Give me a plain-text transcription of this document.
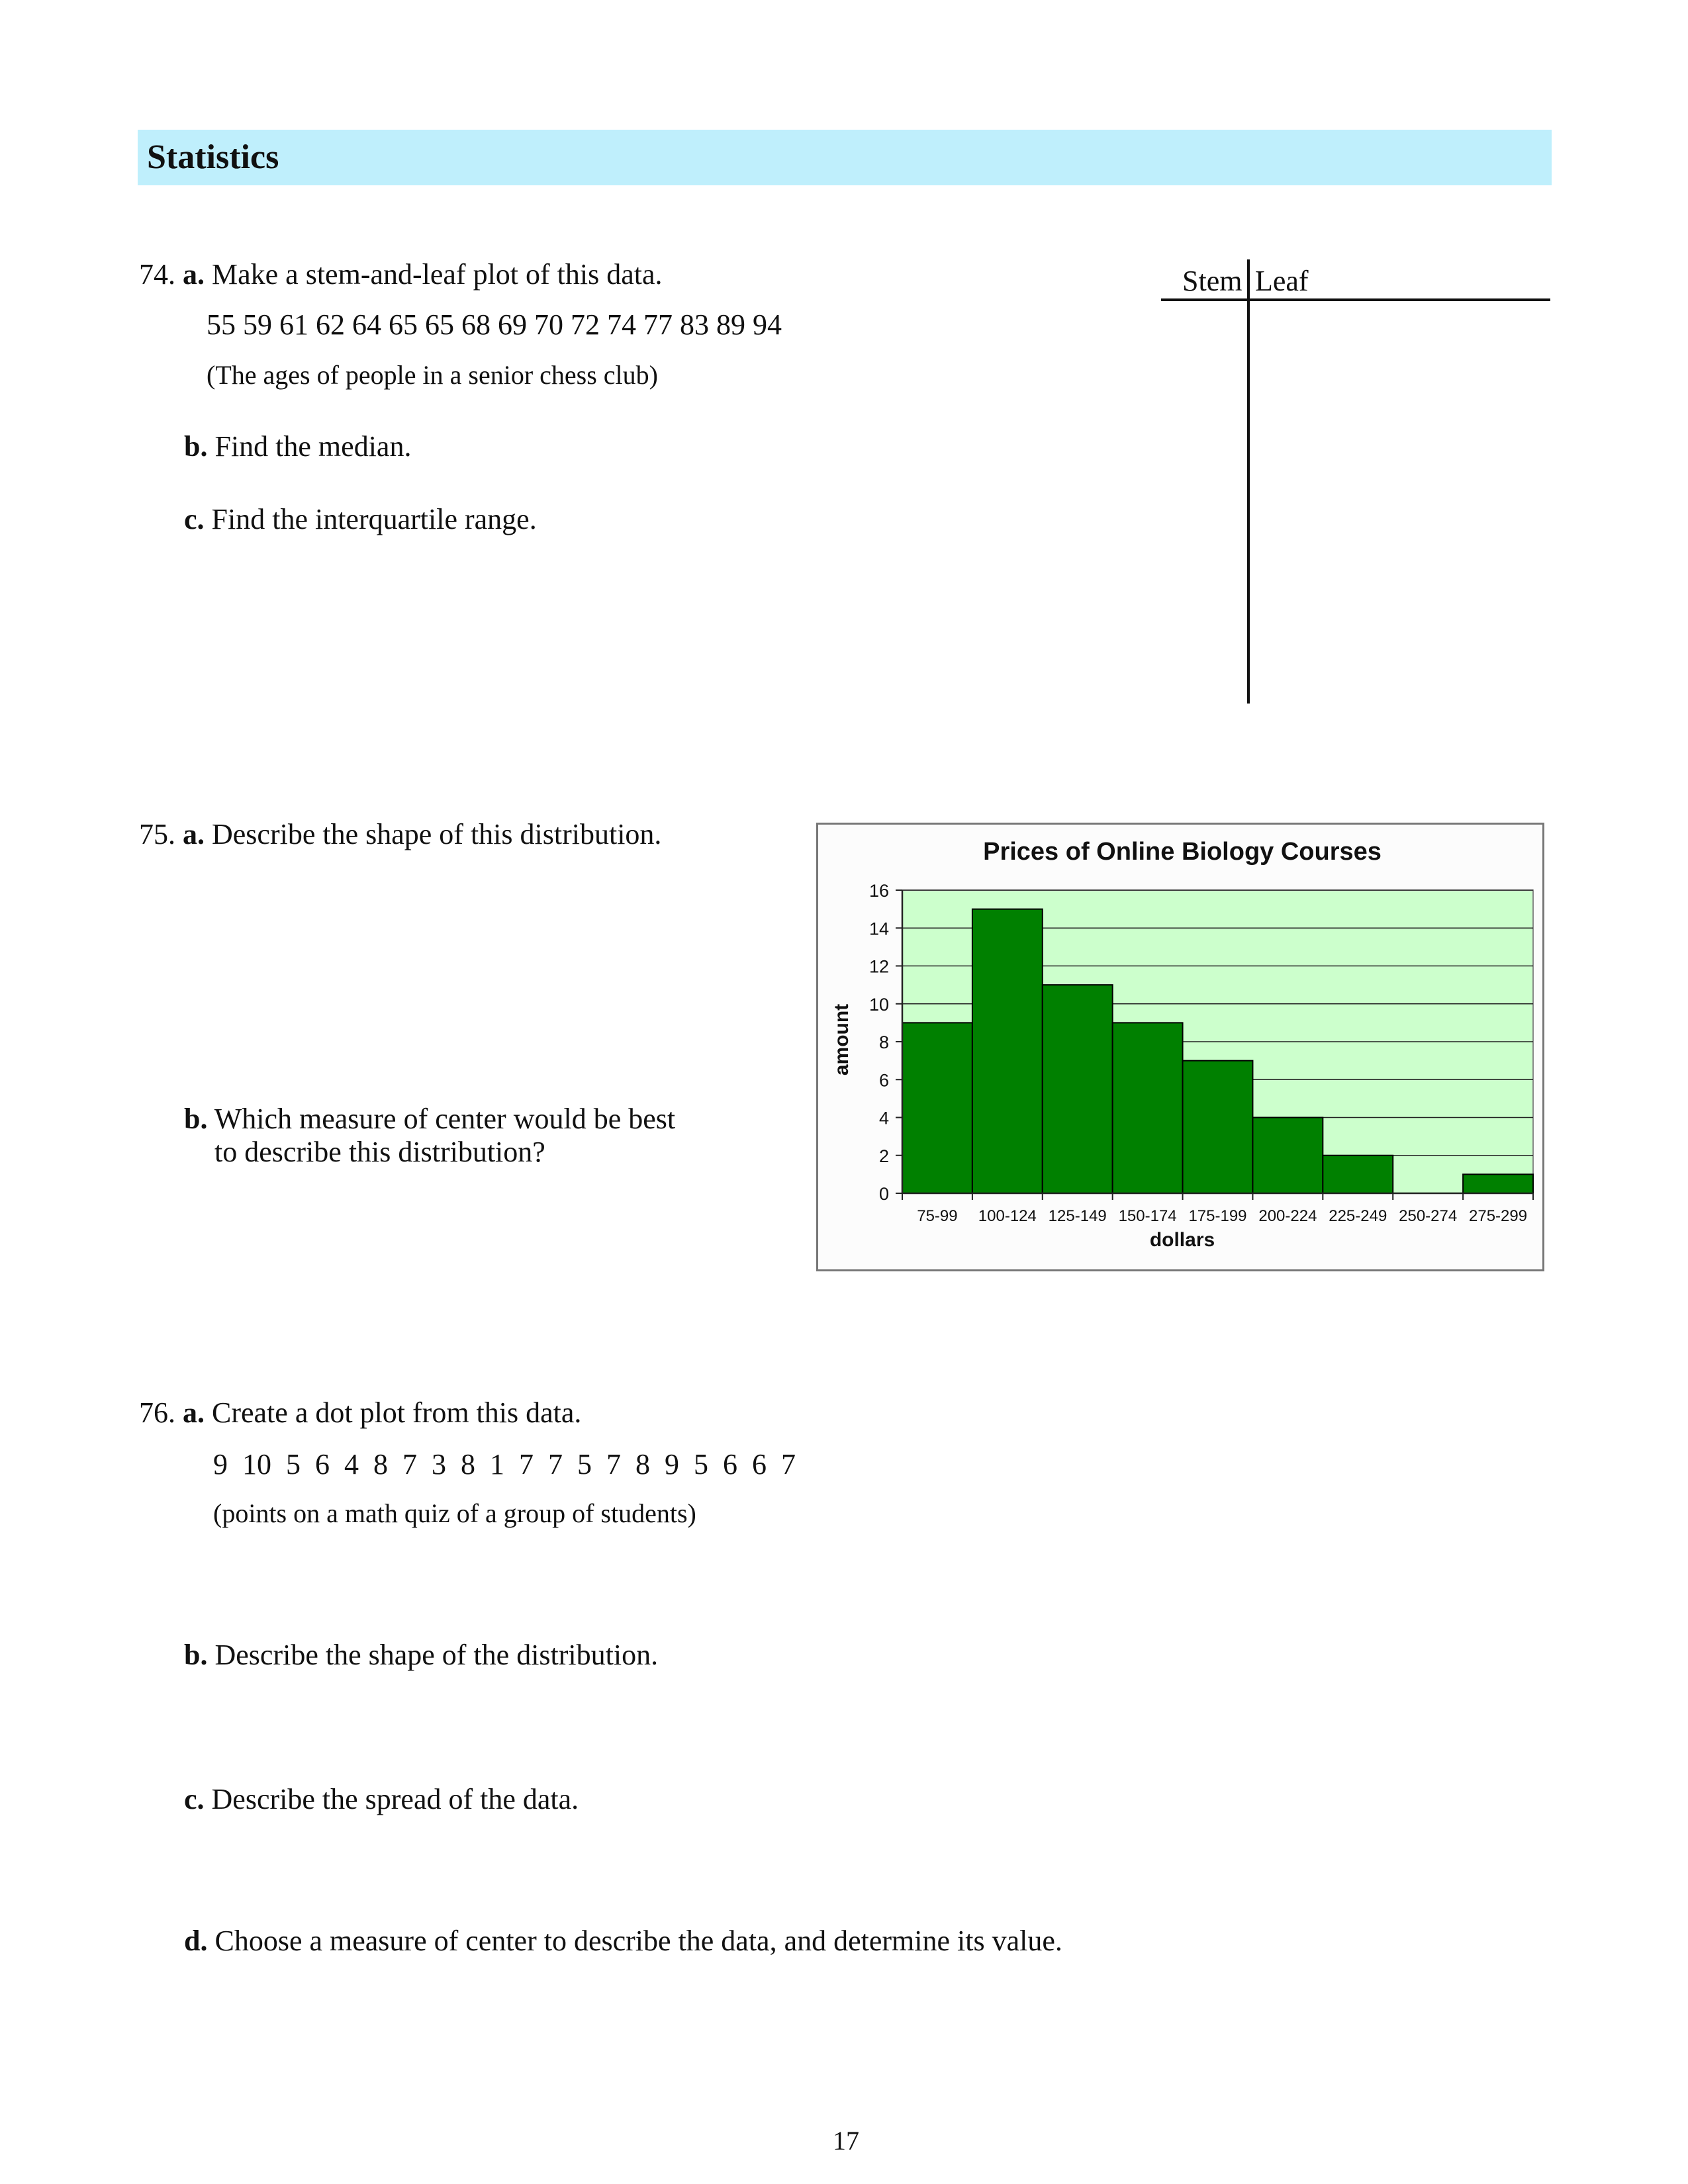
Statistics
74. a. Make a stem-and-leaf plot of this data.
55 59 61 62 64 65 65 68 69 70 72 74 77 83 89 94
(The ages of people in a senior chess club)
b. Find the median.
c. Find the interquartile range.
Stem Leaf
75. a. Describe the shape of this distribution.
b. Which measure of center would be best
to describe this distribution?
Prices of Online Biology Courses
0
2
4
6
8
10
12
14
16
75-99 100-124 125-149 150-174 175-199 200-224 225-249 250-274 275-299
dollars
amount
76. a. Create a dot plot from this data.
9  10  5  6  4  8  7  3  8  1  7  7  5  7  8  9  5  6  6  7
(points on a math quiz of a group of students)
b. Describe the shape of the distribution.
c. Describe the spread of the data.
d. Choose a measure of center to describe the data, and determine its value.
17
